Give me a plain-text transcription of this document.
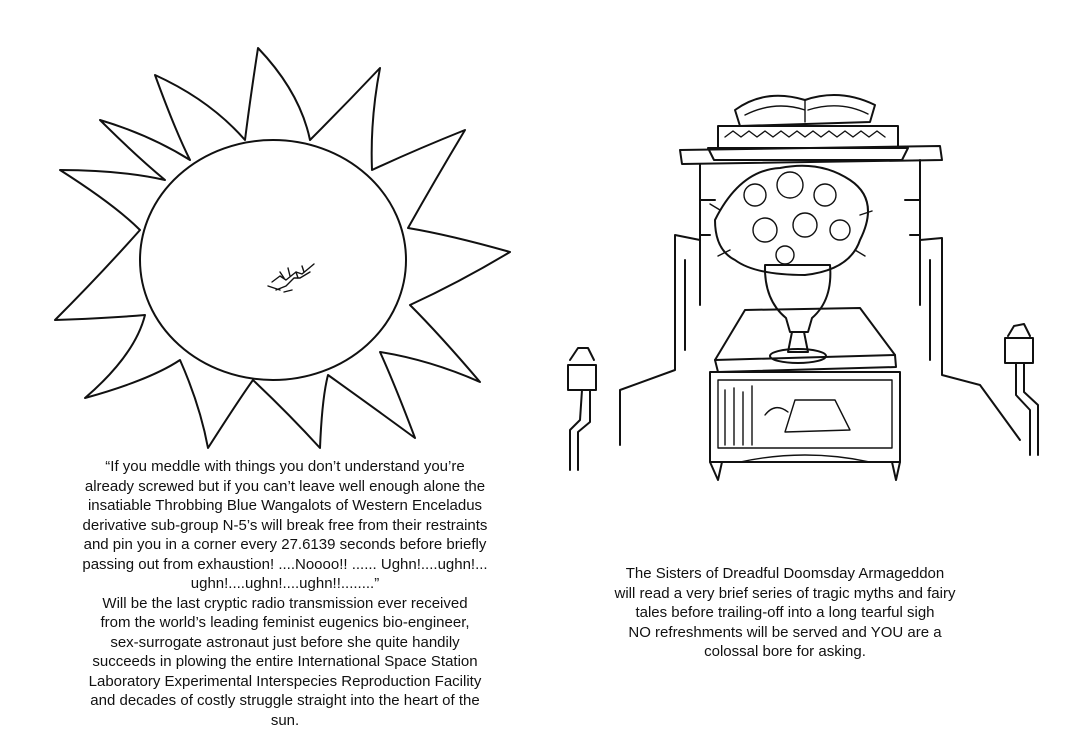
“If you meddle with things you don’t understand you’re
already screwed but if you can’t leave well enough alone the
insatiable Throbbing Blue Wangalots of Western Enceladus
derivative sub-group N-5’s will break free from their restraints
and pin you in a corner every 27.6139 seconds before briefly
passing out from exhaustion! ....Noooo!! ...... Ughn!....ughn!...
ughn!....ughn!....ughn!!........”
Will be the last cryptic radio transmission ever received
from the world’s leading feminist eugenics bio-engineer,
sex-surrogate astronaut just before she quite handily
succeeds in plowing the entire International Space Station
Laboratory Experimental Interspecies Reproduction Facility
and decades of costly struggle straight into the heart of the
sun.

The Sisters of Dreadful Doomsday Armageddon
will read a very brief series of tragic myths and fairy
tales before trailing-off into a long tearful sigh
NO refreshments will be served and YOU are a
colossal bore for asking.
